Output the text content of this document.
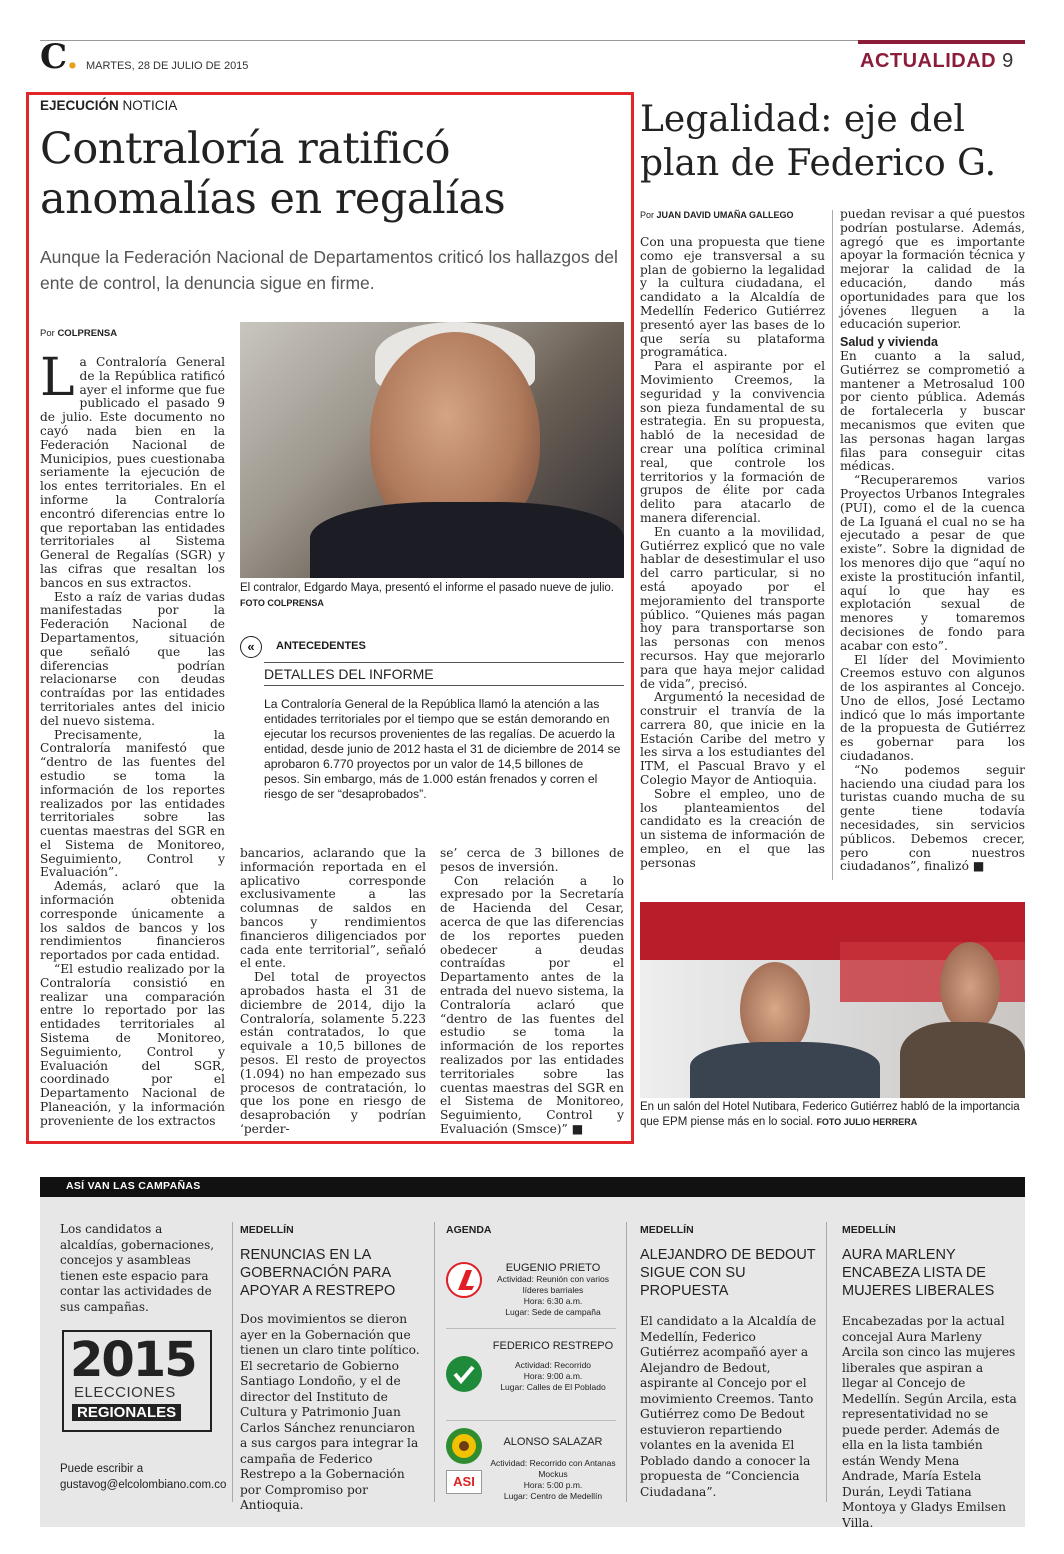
C. MARTES, 28 DE JULIO DE 2015	ACTUALIDAD 9
EJECUCIÓN NOTICIA
Contraloría ratificó
anomalías en regalías
Aunque la Federación Nacional de Departamentos criticó los hallazgos del ente de control, la denuncia sigue en firme.
Por COLPRENSA

La Contraloría General de la República ratificó ayer el informe que fue publicado el pasado 9 de julio. Este documento no cayó nada bien en la Federación Nacional de Municipios, pues cuestionaba seriamente la ejecución de los entes territoriales. En el informe la Contraloría encontró diferencias entre lo que reportaban las entidades territoriales al Sistema General de Regalías (SGR) y las cifras que resaltan los bancos en sus extractos.

Esto a raíz de varias dudas manifestadas por la Federación Nacional de Departamentos, situación que señaló que las diferencias podrían relacionarse con deudas contraídas por las entidades territoriales antes del inicio del nuevo sistema.

Precisamente, la Contraloría manifestó que “dentro de las fuentes del estudio se toma la información de los reportes realizados por las entidades territoriales sobre las cuentas maestras del SGR en el Sistema de Monitoreo, Seguimiento, Control y Evaluación”.

Además, aclaró que la información obtenida corresponde únicamente a los saldos de bancos y los rendimientos financieros reportados por cada entidad.

“El estudio realizado por la Contraloría consistió en realizar una comparación entre lo reportado por las entidades territoriales al Sistema de Monitoreo, Seguimiento, Control y Evaluación del SGR, coordinado por el Departamento Nacional de Planeación, y la información proveniente de los extractos

El contralor, Edgardo Maya, presentó el informe el pasado nueve de julio. FOTO COLPRENSA
«	ANTECEDENTES
DETALLES DEL INFORME
La Contraloría General de la República llamó la atención a las entidades territoriales por el tiempo que se están demorando en ejecutar los recursos provenientes de las regalías. De acuerdo la entidad, desde junio de 2012 hasta el 31 de diciembre de 2014 se aprobaron 6.770 proyectos por un valor de 14,5 billones de pesos. Sin embargo, más de 1.000 están frenados y corren el riesgo de ser “desaprobados”.

bancarios, aclarando que la información reportada en el aplicativo corresponde exclusivamente a las columnas de saldos en bancos y rendimientos financieros diligenciados por cada ente territorial”, señaló el ente.

Del total de proyectos aprobados hasta el 31 de diciembre de 2014, dijo la Contraloría, solamente 5.223 están contratados, lo que equivale a 10,5 billones de pesos. El resto de proyectos (1.094) no han empezado sus procesos de contratación, lo que los pone en riesgo de desaprobación y podrían ‘perder-

se’ cerca de 3 billones de pesos de inversión.

Con relación a lo expresado por la Secretaría de Hacienda del Cesar, acerca de que las diferencias de los reportes pueden obedecer a deudas contraídas por el Departamento antes de la entrada del nuevo sistema, la Contraloría aclaró que “dentro de las fuentes del estudio se toma la información de los reportes realizados por las entidades territoriales sobre las cuentas maestras del SGR en el Sistema de Monitoreo, Seguimiento, Control y Evaluación (Smsce)” ■

Legalidad: eje del
plan de Federico G.
Por JUAN DAVID UMAÑA GALLEGO

Con una propuesta que tiene como eje transversal a su plan de gobierno la legalidad y la cultura ciudadana, el candidato a la Alcaldía de Medellín Federico Gutiérrez presentó ayer las bases de lo que sería su plataforma programática.

Para el aspirante por el Movimiento Creemos, la seguridad y la convivencia son pieza fundamental de su estrategia. En su propuesta, habló de la necesidad de crear una política criminal real, que controle los territorios y la formación de grupos de élite por cada delito para atacarlo de manera diferencial.

En cuanto a la movilidad, Gutiérrez explicó que no vale hablar de desestimular el uso del carro particular, si no está apoyado por el mejoramiento del transporte público. “Quienes más pagan hoy para transportarse son las personas con menos recursos. Hay que mejorarlo para que haya mejor calidad de vida”, precisó.

Argumentó la necesidad de construir el tranvía de la carrera 80, que inicie en la Estación Caribe del metro y les sirva a los estudiantes del ITM, el Pascual Bravo y el Colegio Mayor de Antioquia.

Sobre el empleo, uno de los planteamientos del candidato es la creación de un sistema de información de empleo, en el que las personas

puedan revisar a qué puestos podrían postularse. Además, agregó que es importante apoyar la formación técnica y mejorar la calidad de la educación, dando más oportunidades para que los jóvenes lleguen a la educación superior.

Salud y vivienda

En cuanto a la salud, Gutiérrez se comprometió a mantener a Metrosalud 100 por ciento pública. Además de fortalecerla y buscar mecanismos que eviten que las personas hagan largas filas para conseguir citas médicas.

“Recuperaremos varios Proyectos Urbanos Integrales (PUI), como el de la cuenca de La Iguaná el cual no se ha ejecutado a pesar de que existe”. Sobre la dignidad de los menores dijo que “aquí no existe la prostitución infantil, aquí lo que hay es explotación sexual de menores y tomaremos decisiones de fondo para acabar con esto”.

El líder del Movimiento Creemos estuvo con algunos de los aspirantes al Concejo. Uno de ellos, José Lectamo indicó que lo más importante de la propuesta de Gutiérrez es gobernar para los ciudadanos.

“No podemos seguir haciendo una ciudad para los turistas cuando mucha de su gente tiene todavía necesidades, sin servicios públicos. Debemos crecer, pero con nuestros ciudadanos”, finalizó ■

En un salón del Hotel Nutibara, Federico Gutiérrez habló de la importancia que EPM piense más en lo social. FOTO JULIO HERRERA
ASÍ VAN LAS CAMPAÑAS
Los candidatos a alcaldías, gobernaciones, concejos y asambleas tienen este espacio para contar las actividades de sus campañas.
2015
ELECCIONES
REGIONALES
Puede escribir a
gustavog@elcolombiano.com.co
MEDELLÍN
RENUNCIAS EN LA GOBERNACIÓN PARA APOYAR A RESTREPO
Dos movimientos se dieron ayer en la Gobernación que tienen un claro tinte político. El secretario de Gobierno Santiago Londoño, y el de director del Instituto de Cultura y Patrimonio Juan Carlos Sánchez renunciaron a sus cargos para integrar la campaña de Federico Restrepo a la Gobernación por Compromiso por Antioquia.
AGENDA
EUGENIO PRIETO
Actividad: Reunión con varios
líderes barriales
Hora: 6:30 a.m.
Lugar: Sede de campaña
FEDERICO RESTREPO
Actividad: Recorrido
Hora: 9:00 a.m.
Lugar: Calles de El Poblado
ASI
ALONSO SALAZAR
Actividad: Recorrido con Antanas
Mockus
Hora: 5:00 p.m.
Lugar: Centro de Medellín
MEDELLÍN
ALEJANDRO DE BEDOUT SIGUE CON SU PROPUESTA
El candidato a la Alcaldía de Medellín, Federico Gutiérrez acompañó ayer a Alejandro de Bedout, aspirante al Concejo por el movimiento Creemos. Tanto Gutiérrez como De Bedout estuvieron repartiendo volantes en la avenida El Poblado dando a conocer la propuesta de “Conciencia Ciudadana”.
MEDELLÍN
AURA MARLENY ENCABEZA LISTA DE MUJERES LIBERALES
Encabezadas por la actual concejal Aura Marleny Arcila son cinco las mujeres liberales que aspiran a llegar al Concejo de Medellín. Según Arcila, esta representatividad no se puede perder. Además de ella en la lista también están Wendy Mena Andrade, María Estela Durán, Leydi Tatiana Montoya y Gladys Emilsen Villa.
